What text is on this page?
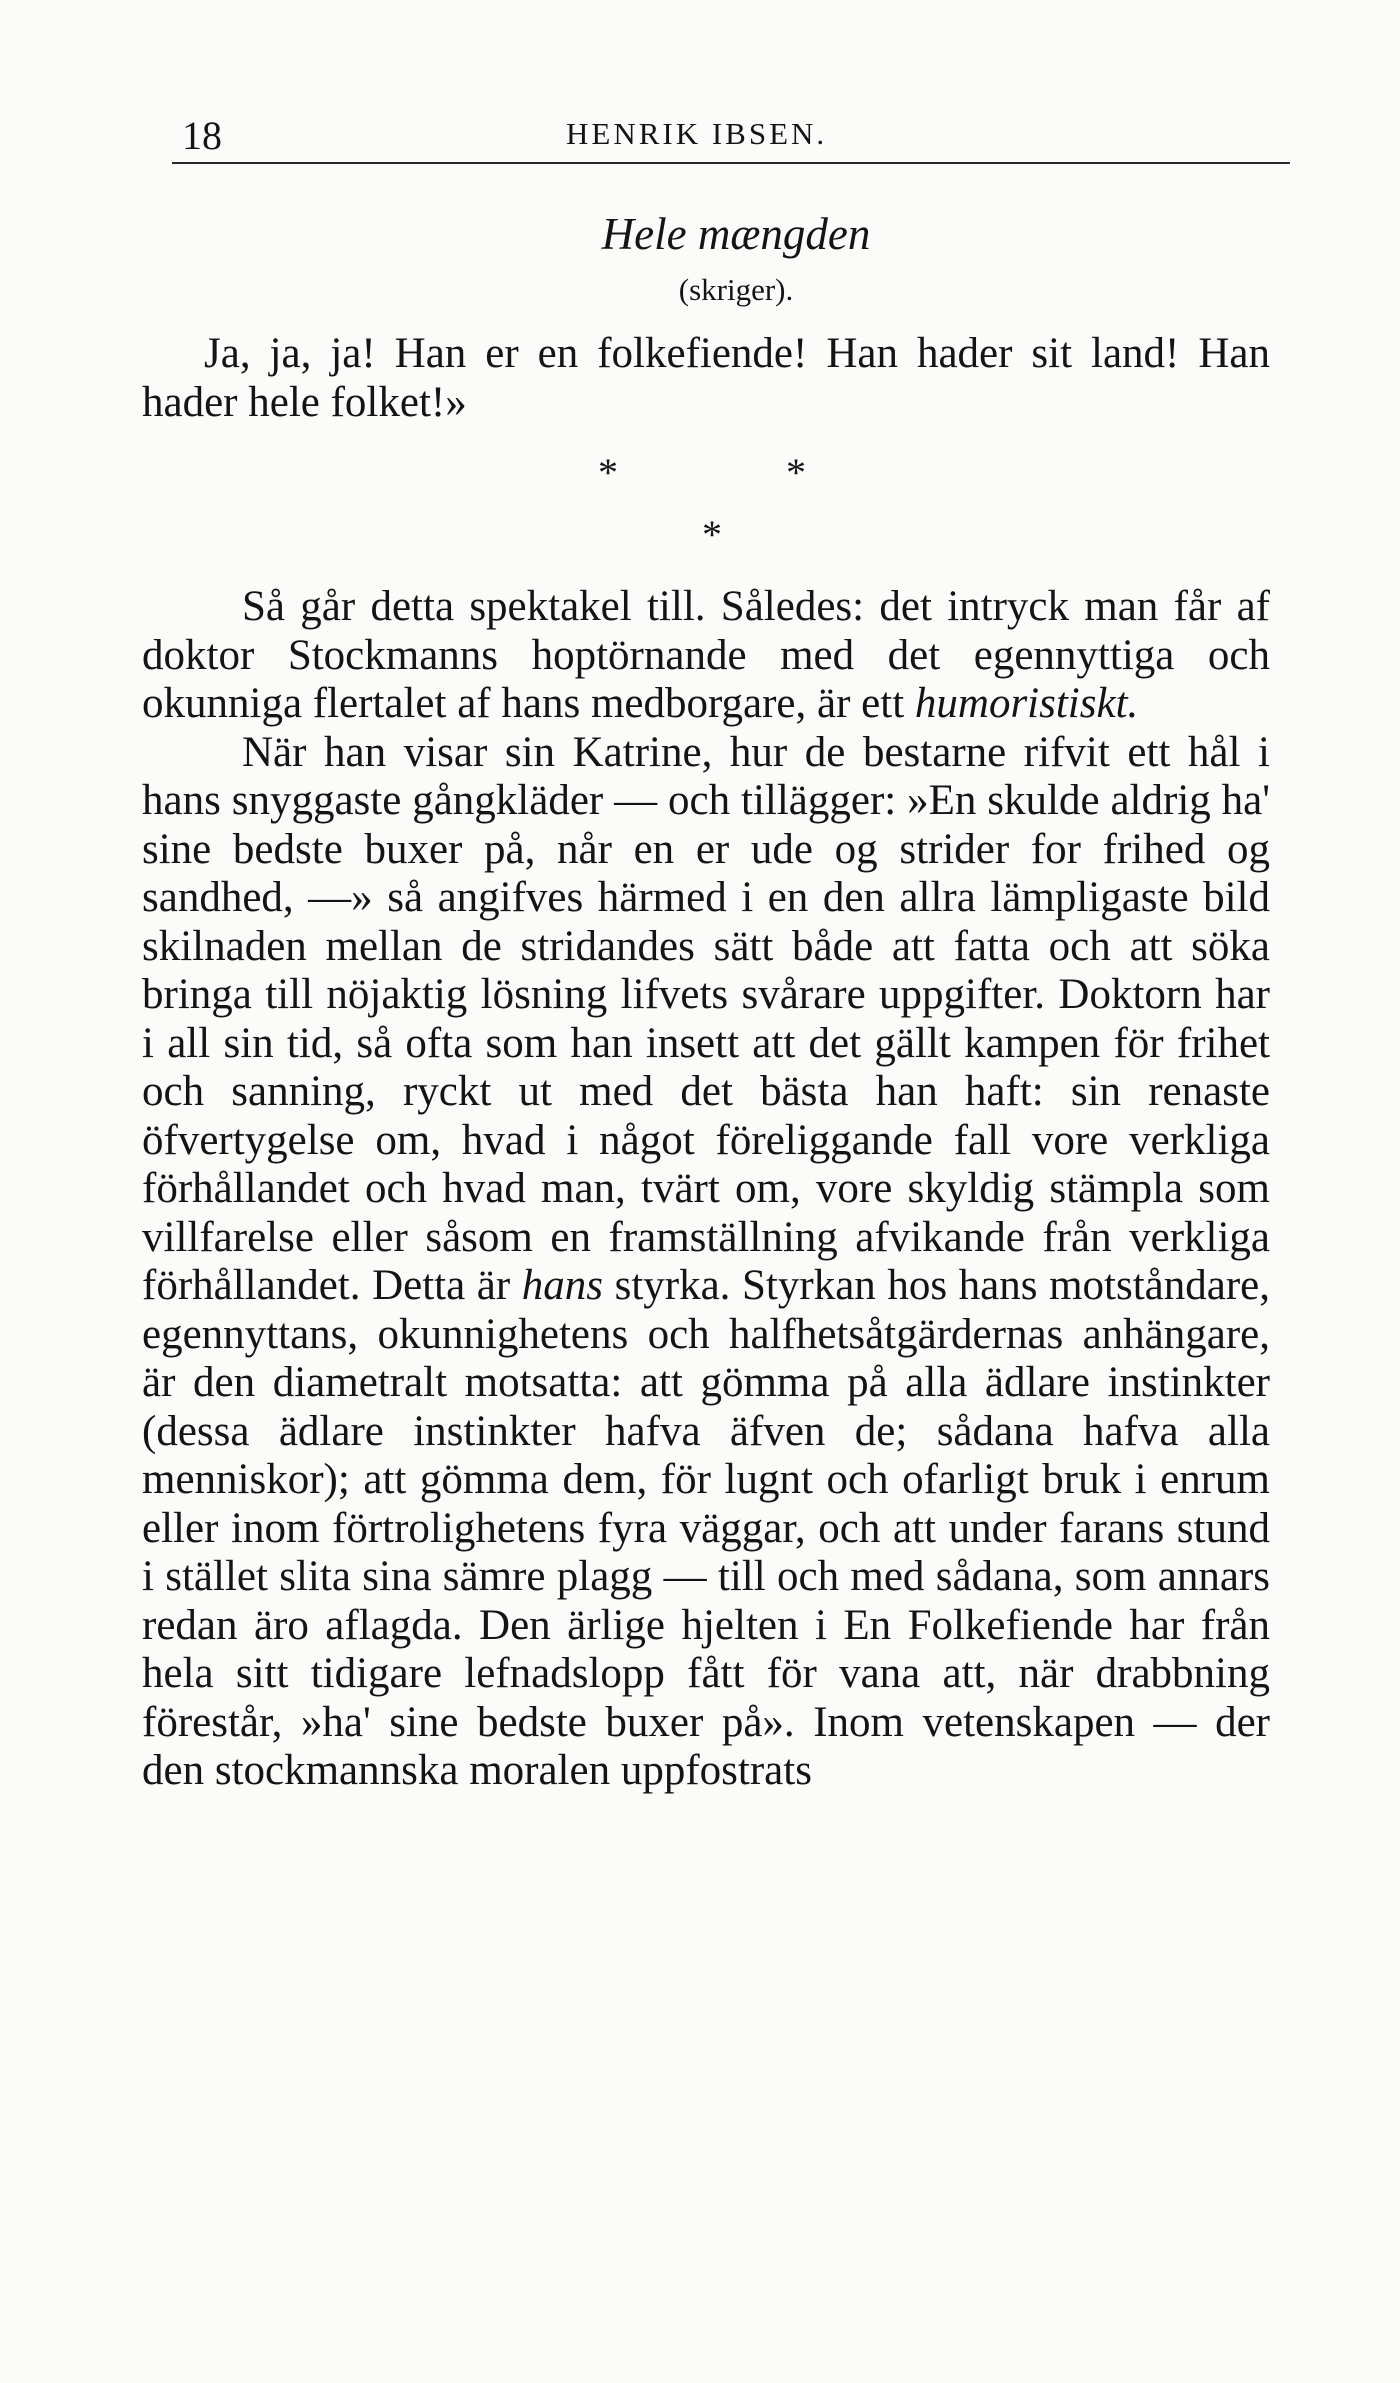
18	HENRIK IBSEN.
Hele mængden
(skriger).

Ja, ja, ja! Han er en folkefiende! Han hader sit land! Han hader hele folket!»

*	*
*

Så går detta spektakel till. Således: det intryck man får af doktor Stockmanns hoptörnande med det egennyttiga och okunniga flertalet af hans medborgare, är ett humoristiskt.

När han visar sin Katrine, hur de bestarne rifvit ett hål i hans snyggaste gångkläder — och tillägger: »En skulde aldrig ha' sine bedste buxer på, når en er ude og strider for frihed og sandhed, —» så angifves härmed i en den allra lämpligaste bild skilnaden mellan de stridandes sätt både att fatta och att söka bringa till nöjaktig lösning lifvets svårare uppgifter. Doktorn har i all sin tid, så ofta som han insett att det gällt kampen för frihet och sanning, ryckt ut med det bästa han haft: sin renaste öfvertygelse om, hvad i något föreliggande fall vore verkliga förhållandet och hvad man, tvärt om, vore skyldig stämpla som villfarelse eller såsom en framställning afvikande från verkliga förhållandet. Detta är hans styrka. Styrkan hos hans motståndare, egennyttans, okunnighetens och halfhetsåtgärdernas anhängare, är den diametralt motsatta: att gömma på alla ädlare instinkter (dessa ädlare instinkter hafva äfven de; sådana hafva alla menniskor); att gömma dem, för lugnt och ofarligt bruk i enrum eller inom förtrolighetens fyra väggar, och att under farans stund i stället slita sina sämre plagg — till och med sådana, som annars redan äro aflagda. Den ärlige hjelten i En Folkefiende har från hela sitt tidigare lefnadslopp fått för vana att, när drabbning förestår, »ha' sine bedste buxer på». Inom vetenskapen — der den stockmannska moralen uppfostrats
